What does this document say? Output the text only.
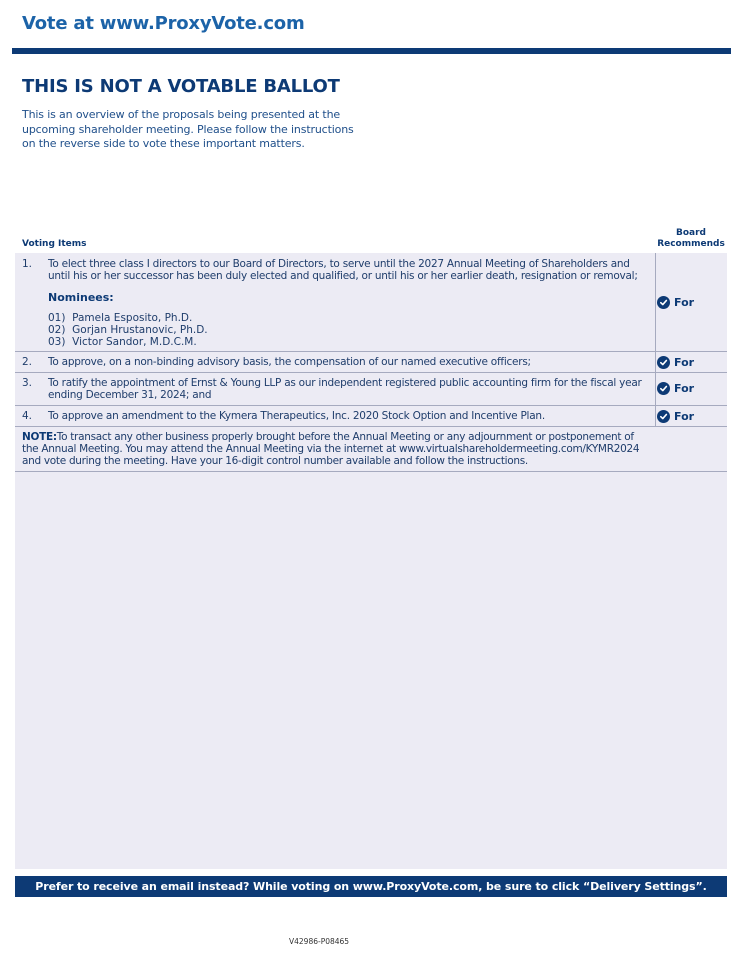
Vote at www.ProxyVote.com
THIS IS NOT A VOTABLE BALLOT
This is an overview of the proposals being presented at the upcoming shareholder meeting. Please follow the instructions on the reverse side to vote these important matters.
Voting Items
Board
Recommends
1. To elect three class I directors to our Board of Directors, to serve until the 2027 Annual Meeting of Shareholders and until his or her successor has been duly elected and qualified, or until his or her earlier death, resignation or removal;
Nominees:
01)  Pamela Esposito, Ph.D.
02)  Gorjan Hrustanovic, Ph.D.
03)  Victor Sandor, M.D.C.M.
For
2. To approve, on a non-binding advisory basis, the compensation of our named executive officers;	For
3. To ratify the appointment of Ernst & Young LLP as our independent registered public accounting firm for the fiscal year ending December 31, 2024; and	For
4. To approve an amendment to the Kymera Therapeutics, Inc. 2020 Stock Option and Incentive Plan.	For
NOTE:To transact any other business properly brought before the Annual Meeting or any adjournment or postponement of the Annual Meeting. You may attend the Annual Meeting via the internet at www.virtualshareholdermeeting.com/KYMR2024 and vote during the meeting. Have your 16-digit control number available and follow the instructions.
Prefer to receive an email instead? While voting on www.ProxyVote.com, be sure to click “Delivery Settings”.
V42986-P08465
